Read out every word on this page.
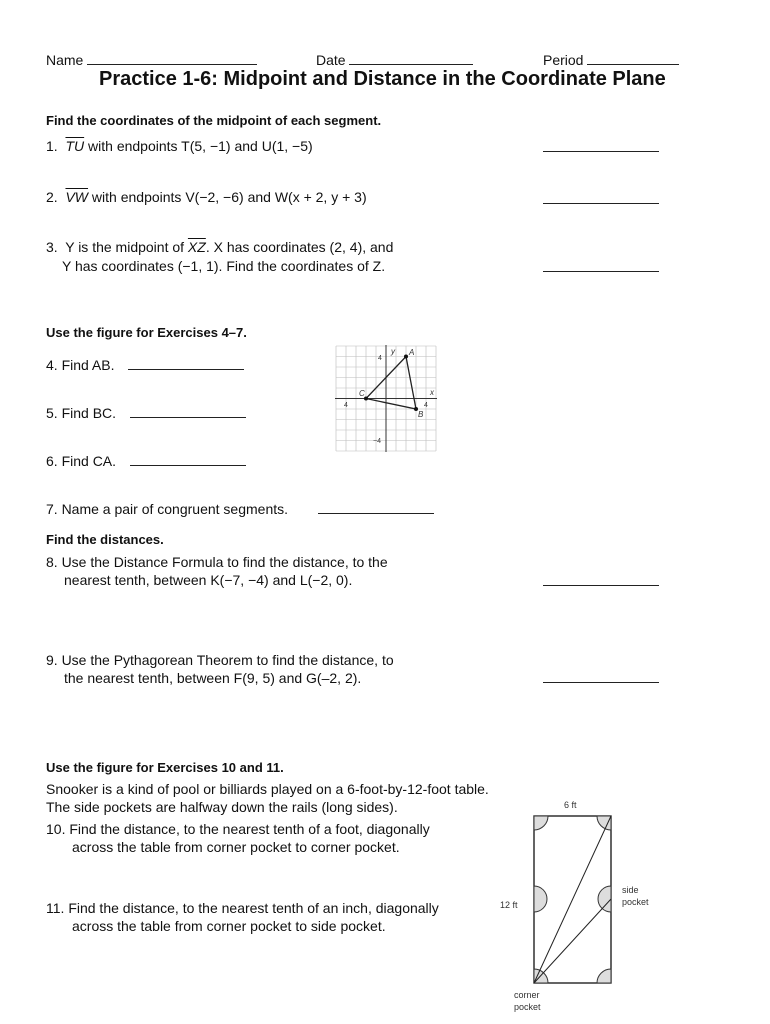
Name	Date	Period
Practice 1-6: Midpoint and Distance in the Coordinate Plane
Find the coordinates of the midpoint of each segment.
1. $\overline{TU}$ with endpoints T(5, −1) and U(1, −5)
2. $\overline{VW}$ with endpoints V(−2, −6) and W(x + 2, y + 3)
3.  Y is the midpoint of $\overline{XZ}$. X has coordinates (2, 4), and
Y has coordinates (−1, 1). Find the coordinates of Z.
Use the figure for Exercises 4–7.
4. Find AB.
5. Find BC.
6. Find CA.
7. Name a pair of congruent segments.
y
x
A
B
C
4
−4
4	4
Find the distances.
8. Use the Distance Formula to find the distance, to the
nearest tenth, between K(−7, −4) and L(−2, 0).
9. Use the Pythagorean Theorem to find the distance, to
the nearest tenth, between F(9, 5) and G(–2, 2).
Use the figure for Exercises 10 and 11.
Snooker is a kind of pool or billiards played on a 6-foot-by-12-foot table.
The side pockets are halfway down the rails (long sides).
10. Find the distance, to the nearest tenth of a foot, diagonally
across the table from corner pocket to corner pocket.
11. Find the distance, to the nearest tenth of an inch, diagonally
across the table from corner pocket to side pocket.
6 ft
12 ft
side
pocket
corner
pocket
